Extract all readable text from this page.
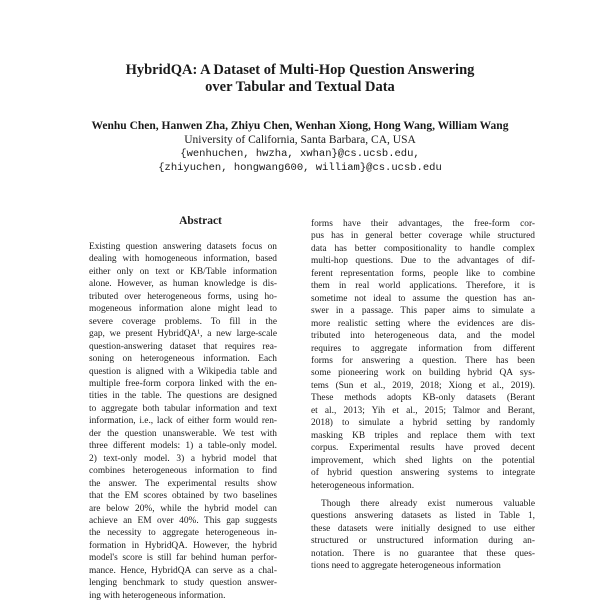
HybridQA: A Dataset of Multi-Hop Question Answering
over Tabular and Textual Data
Wenhu Chen, Hanwen Zha, Zhiyu Chen, Wenhan Xiong, Hong Wang, William Wang
University of California, Santa Barbara, CA, USA
{wenhuchen, hwzha, xwhan}@cs.ucsb.edu,
{zhiyuchen, hongwang600, william}@cs.ucsb.edu
Abstract
Existing question answering datasets focus on
dealing with homogeneous information, based
either only on text or KB/Table information
alone. However, as human knowledge is dis-
tributed over heterogeneous forms, using ho-
mogeneous information alone might lead to
severe coverage problems. To fill in the
gap, we present HybridQA¹, a new large-scale
question-answering dataset that requires rea-
soning on heterogeneous information. Each
question is aligned with a Wikipedia table and
multiple free-form corpora linked with the en-
tities in the table. The questions are designed
to aggregate both tabular information and text
information, i.e., lack of either form would ren-
der the question unanswerable. We test with
three different models: 1) a table-only model.
2) text-only model. 3) a hybrid model that
combines heterogeneous information to find
the answer. The experimental results show
that the EM scores obtained by two baselines
are below 20%, while the hybrid model can
achieve an EM over 40%. This gap suggests
the necessity to aggregate heterogeneous in-
formation in HybridQA. However, the hybrid
model's score is still far behind human perfor-
mance. Hence, HybridQA can serve as a chal-
lenging benchmark to study question answer-
ing with heterogeneous information.
forms have their advantages, the free-form cor-
pus has in general better coverage while structured
data has better compositionality to handle complex
multi-hop questions. Due to the advantages of dif-
ferent representation forms, people like to combine
them in real world applications. Therefore, it is
sometime not ideal to assume the question has an-
swer in a passage. This paper aims to simulate a
more realistic setting where the evidences are dis-
tributed into heterogeneous data, and the model
requires to aggregate information from different
forms for answering a question. There has been
some pioneering work on building hybrid QA sys-
tems (Sun et al., 2019, 2018; Xiong et al., 2019).
These methods adopts KB-only datasets (Berant
et al., 2013; Yih et al., 2015; Talmor and Berant,
2018) to simulate a hybrid setting by randomly
masking KB triples and replace them with text
corpus. Experimental results have proved decent
improvement, which shed lights on the potential
of hybrid question answering systems to integrate
heterogeneous information.
Though there already exist numerous valuable
questions answering datasets as listed in Table 1,
these datasets were initially designed to use either
structured or unstructured information during an-
notation. There is no guarantee that these ques-
tions need to aggregate heterogeneous information
